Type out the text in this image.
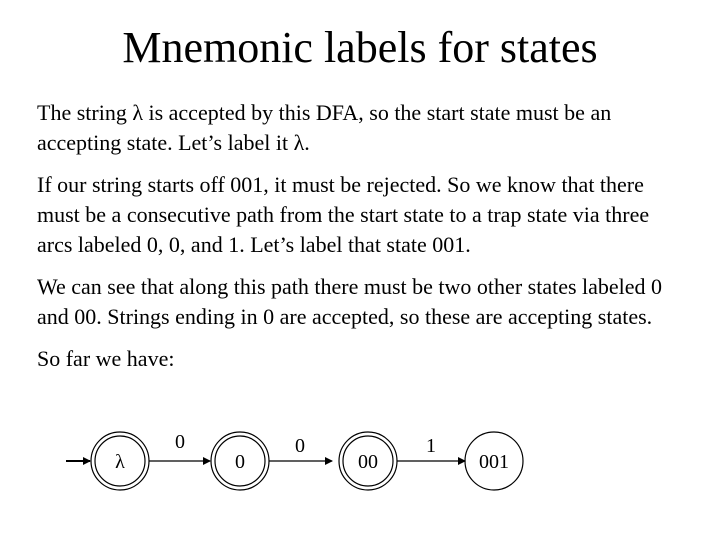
Mnemonic labels for states

The string λ is accepted by this DFA, so the start state must be an accepting state. Let’s label it λ.

If our string starts off 001, it must be rejected. So we know that there must be a consecutive path from the start state to a trap state via three arcs labeled 0, 0, and 1. Let’s label that state 001.

We can see that along this path there must be two other states labeled 0 and 00. Strings ending in 0 are accepted, so these are accepting states.

So far we have:

λ
0
0
0
00
1
001
